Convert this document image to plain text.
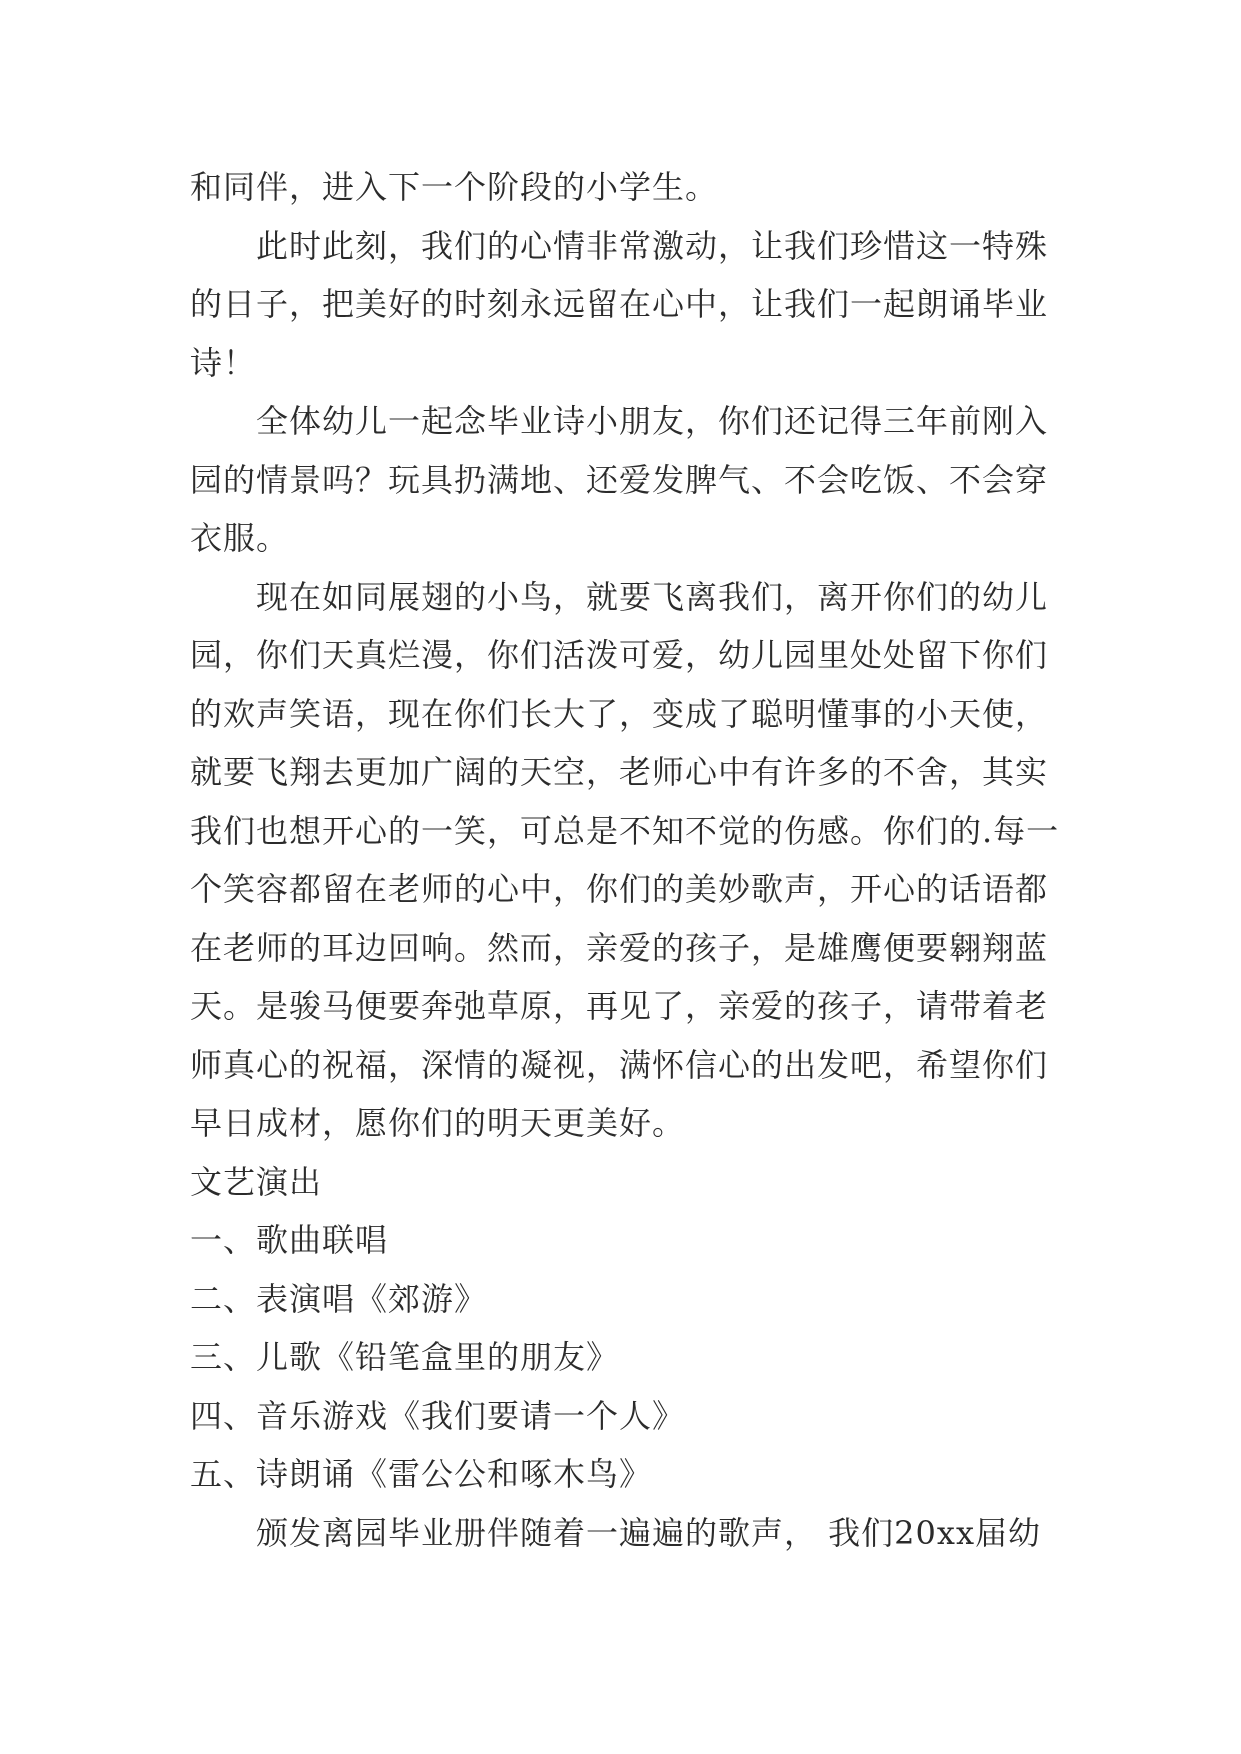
和同伴，进入下一个阶段的小学生。

此时此刻，我们的心情非常激动，让我们珍惜这一特殊的日子，把美好的时刻永远留在心中，让我们一起朗诵毕业诗！

全体幼儿一起念毕业诗小朋友，你们还记得三年前刚入园的情景吗？玩具扔满地、还爱发脾气、不会吃饭、不会穿衣服。

现在如同展翅的小鸟，就要飞离我们，离开你们的幼儿园，你们天真烂漫，你们活泼可爱，幼儿园里处处留下你们的欢声笑语，现在你们长大了，变成了聪明懂事的小天使，就要飞翔去更加广阔的天空，老师心中有许多的不舍，其实我们也想开心的一笑，可总是不知不觉的伤感。你们的.每一个笑容都留在老师的心中，你们的美妙歌声，开心的话语都在老师的耳边回响。然而，亲爱的孩子，是雄鹰便要翱翔蓝天。是骏马便要奔弛草原，再见了，亲爱的孩子，请带着老师真心的祝福，深情的凝视，满怀信心的出发吧，希望你们早日成材，愿你们的明天更美好。

文艺演出

一、歌曲联唱

二、表演唱《郊游》

三、儿歌《铅笔盒里的朋友》

四、音乐游戏《我们要请一个人》

五、诗朗诵《雷公公和啄木鸟》

颁发离园毕业册伴随着一遍遍的歌声， 我们20xx届幼
